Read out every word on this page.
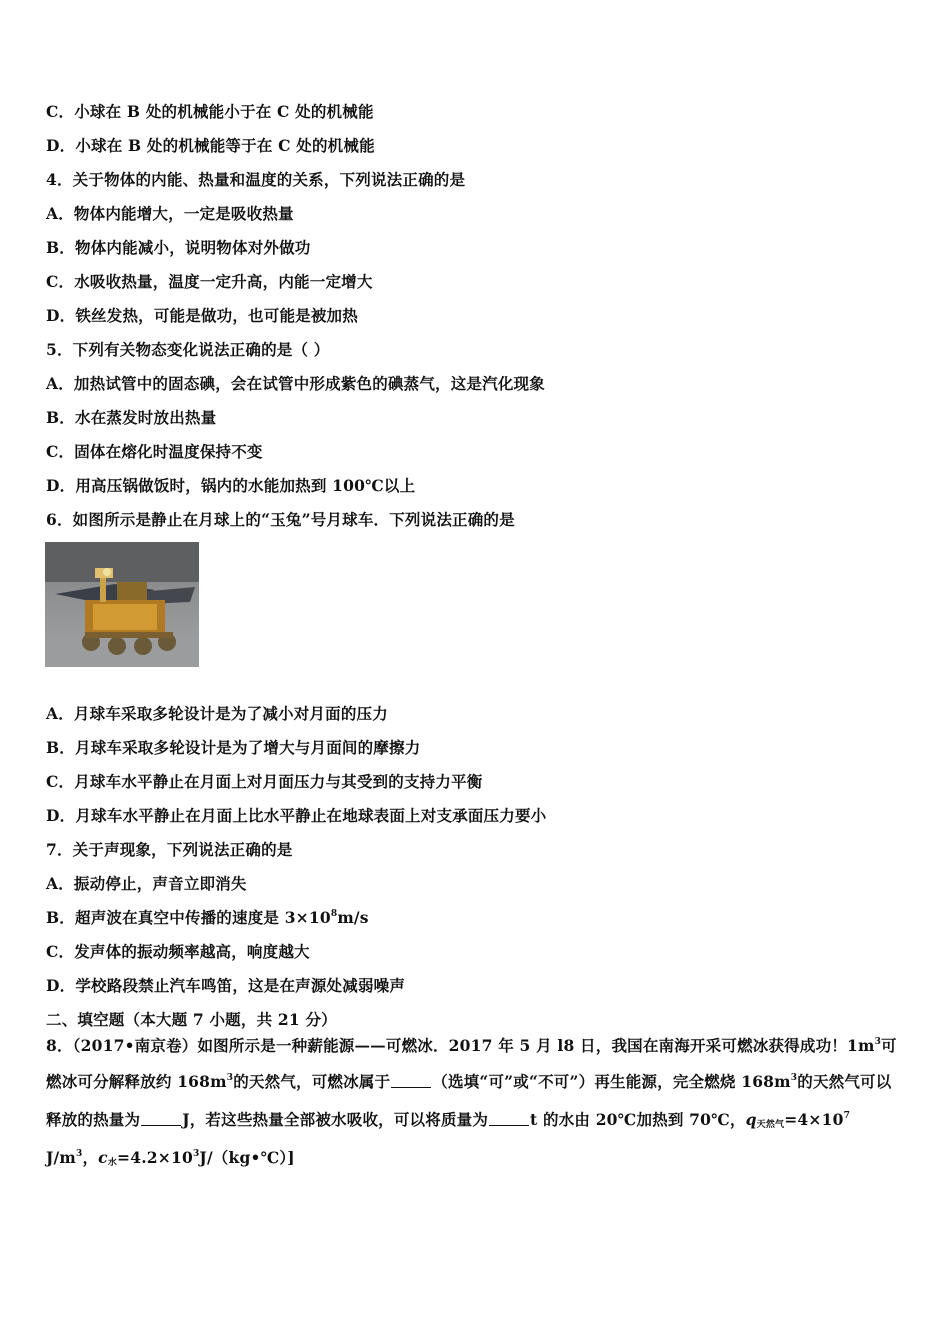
C．小球在 B 处的机械能小于在 C 处的机械能
D．小球在 B 处的机械能等于在 C 处的机械能
4．关于物体的内能、热量和温度的关系，下列说法正确的是
A．物体内能增大，一定是吸收热量
B．物体内能减小，说明物体对外做功
C．水吸收热量，温度一定升高，内能一定增大
D．铁丝发热，可能是做功，也可能是被加热
5．下列有关物态变化说法正确的是（ ）
A．加热试管中的固态碘，会在试管中形成紫色的碘蒸气，这是汽化现象
B．水在蒸发时放出热量
C．固体在熔化时温度保持不变
D．用高压锅做饭时，锅内的水能加热到 100℃以上
6．如图所示是静止在月球上的“玉兔”号月球车．下列说法正确的是
A．月球车采取多轮设计是为了减小对月面的压力
B．月球车采取多轮设计是为了增大与月面间的摩擦力
C．月球车水平静止在月面上对月面压力与其受到的支持力平衡
D．月球车水平静止在月面上比水平静止在地球表面上对支承面压力要小
7．关于声现象，下列说法正确的是
A．振动停止，声音立即消失
B．超声波在真空中传播的速度是 $3\times 10^8m/s$
C．发声体的振动频率越高，响度越大
D．学校路段禁止汽车鸣笛，这是在声源处减弱噪声
二、填空题（本大题 7 小题，共 21 分）
8．（2017•南京卷）如图所示是一种薪能源——可燃冰．2017 年 5 月 l8 日，我国在南海开采可燃冰获得成功！$1m^3$可
燃冰可分解释放约 $168m^3$的天然气，可燃冰属于	（选填“可”或“不可”）再生能源，完全燃烧 $168m^3$的天然气可以
释放的热量为	J，若这些热量全部被水吸收，可以将质量为	t 的水由 20℃加热到 70℃，$q_{天然气}=4\times 10^7$
$J/m^3$，$c_水=4.2\times 10^3J/(kg•℃)$]
